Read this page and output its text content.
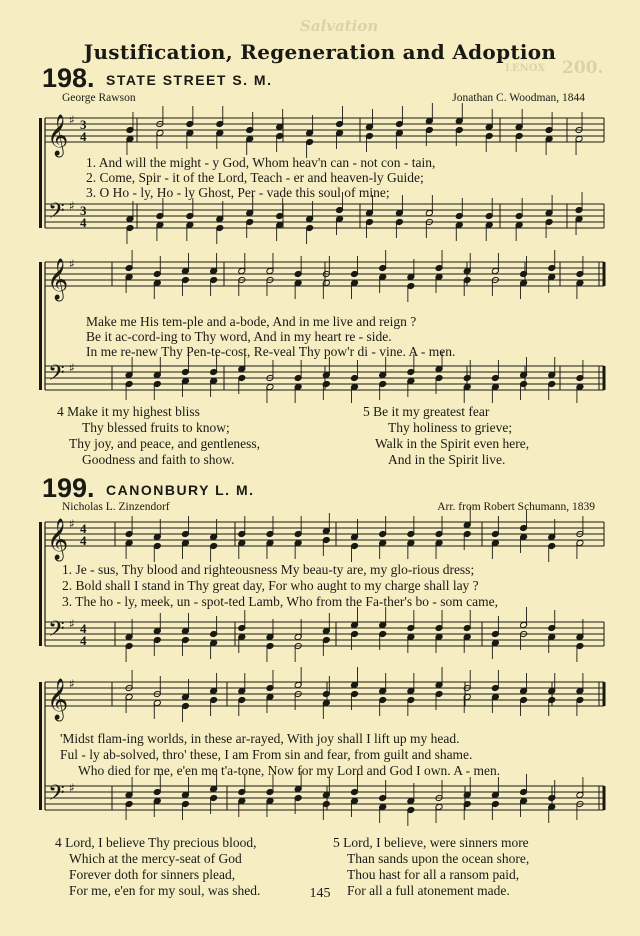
Salvation
200.
LENOX
Justification, Regeneration and Adoption
198. STATE STREET S. M.
George Rawson	Jonathan C. Woodman, 1844
1. And will the might - y God, Whom heav'n can - not con - tain,
2. Come, Spir - it of the Lord, Teach - er and heaven-ly Guide;
3. O Ho - ly, Ho - ly Ghost, Per - vade this soul of mine;
Make me His tem-ple and a-bode, And in me live and reign ?
Be it ac-cord-ing to Thy word, And in my heart re - side.
In me re-new Thy Pen-te-cost, Re-veal Thy pow'r di - vine. A - men.
4 Make it my highest bliss
Thy blessed fruits to know;
Thy joy, and peace, and gentleness,
Goodness and faith to show.
5 Be it my greatest fear
Thy holiness to grieve;
Walk in the Spirit even here,
And in the Spirit live.
199. CANONBURY L. M.
Nicholas L. Zinzendorf	Arr. from Robert Schumann, 1839
1. Je - sus, Thy blood and righteousness My beau-ty are, my glo-rious dress;
2. Bold shall I stand in Thy great day, For who aught to my charge shall lay ?
3. The ho - ly, meek, un - spot-ted Lamb, Who from the Fa-ther's bo - som came,
'Midst flam-ing worlds, in these ar-rayed, With joy shall I lift up my head.
Ful - ly ab-solved, thro' these, I am From sin and fear, from guilt and shame.
Who died for me, e'en me t'a-tone, Now for my Lord and God I own. A - men.
4 Lord, I believe Thy precious blood,
Which at the mercy-seat of God
Forever doth for sinners plead,
For me, e'en for my soul, was shed.
5 Lord, I believe, were sinners more
Than sands upon the ocean shore,
Thou hast for all a ransom paid,
For all a full atonement made.
145
𝄞 ♯ 3
4
𝄢 ♯ 3
4
𝄞 ♯
𝄢 ♯
𝄞 ♯ 4
4
𝄢 ♯ 4
4
𝄞 ♯
𝄢 ♯
